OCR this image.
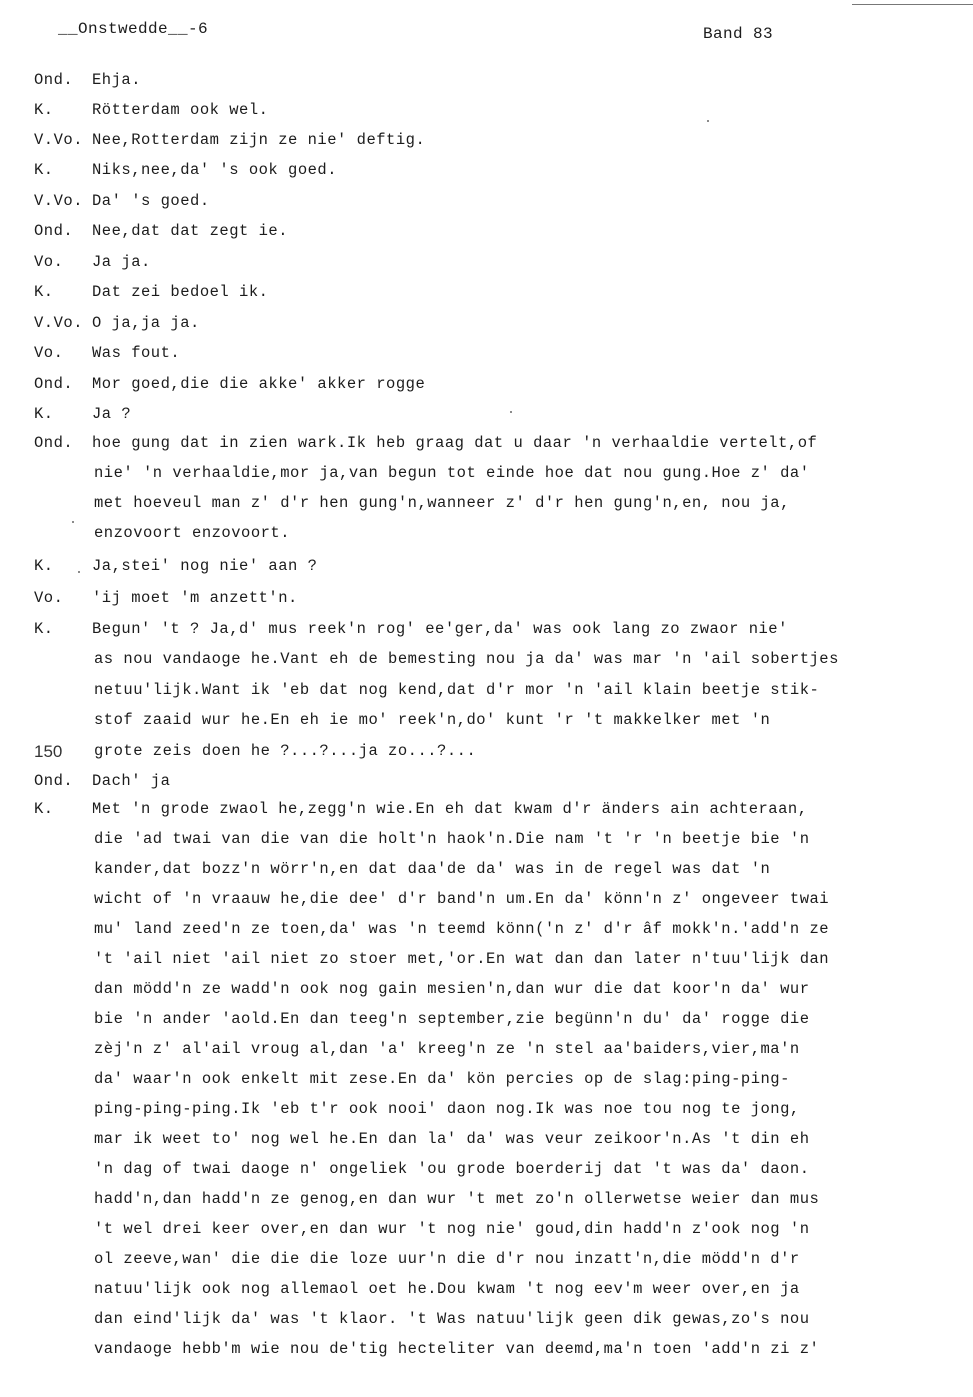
__Onstwedde__-6	Band 83
150
Ond. Ehja.
K. Rötterdam ook wel.
V.Vo. Nee,Rotterdam zijn ze nie' deftig.
K. Niks,nee,da' 's ook goed.
V.Vo. Da' 's goed.
Ond. Nee,dat dat zegt ie.
Vo. Ja ja.
K. Dat zei bedoel ik.
V.Vo. O ja,ja ja.
Vo. Was fout.
Ond. Mor goed,die die akke' akker rogge
K. Ja ?
Ond. hoe gung dat in zien wark.Ik heb graag dat u daar 'n verhaaldie vertelt,of
nie' 'n verhaaldie,mor ja,van begun tot einde hoe dat nou gung.Hoe z' da'
met hoeveul man z' d'r hen gung'n,wanneer z' d'r hen gung'n,en, nou ja,
enzovoort enzovoort.
K. Ja,stei' nog nie' aan ?
Vo. 'ij moet 'm anzett'n.
K. Begun' 't ? Ja,d' mus reek'n rog' ee'ger,da' was ook lang zo zwaor nie'
as nou vandaoge he.Vant eh de bemesting nou ja da' was mar 'n 'ail sobertjes
netuu'lijk.Want ik 'eb dat nog kend,dat d'r mor 'n 'ail klain beetje stik-
stof zaaid wur he.En eh ie mo' reek'n,do' kunt 'r 't makkelker met 'n
grote zeis doen he ?...?...ja zo...?...
Ond. Dach' ja
K. Met 'n grode zwaol he,zegg'n wie.En eh dat kwam d'r änders ain achteraan,
die 'ad twai van die van die holt'n haok'n.Die nam 't 'r 'n beetje bie 'n
kander,dat bozz'n wörr'n,en dat daa'de da' was in de regel was dat 'n
wicht of 'n vraauw he,die dee' d'r band'n um.En da' könn'n z' ongeveer twai
mu' land zeed'n ze toen,da' was 'n teemd könn('n z' d'r âf mokk'n.'add'n ze
't 'ail niet 'ail niet zo stoer met,'or.En wat dan dan later n'tuu'lijk dan
dan mödd'n ze wadd'n ook nog gain mesien'n,dan wur die dat koor'n da' wur
bie 'n ander 'aold.En dan teeg'n september,zie begünn'n du' da' rogge die
zèj'n z' al'ail vroug al,dan 'a' kreeg'n ze 'n stel aa'baiders,vier,ma'n
da' waar'n ook enkelt mit zese.En da' kön percies op de slag:ping-ping-
ping-ping-ping.Ik 'eb t'r ook nooi' daon nog.Ik was noe tou nog te jong,
mar ik weet to' nog wel he.En dan la' da' was veur zeikoor'n.As 't din eh
'n dag of twai daoge n' ongeliek 'ou grode boerderij dat 't was da' daon.
hadd'n,dan hadd'n ze genog,en dan wur 't met zo'n ollerwetse weier dan mus
't wel drei keer over,en dan wur 't nog nie' goud,din hadd'n z'ook nog 'n
ol zeeve,wan' die die die loze uur'n die d'r nou inzatt'n,die mödd'n d'r
natuu'lijk ook nog allemaol oet he.Dou kwam 't nog eev'm weer over,en ja
dan eind'lijk da' was 't klaor. 't Was natuu'lijk geen dik gewas,zo's nou
vandaoge hebb'm wie nou de'tig hecteliter van deemd,ma'n toen 'add'n zi z'
